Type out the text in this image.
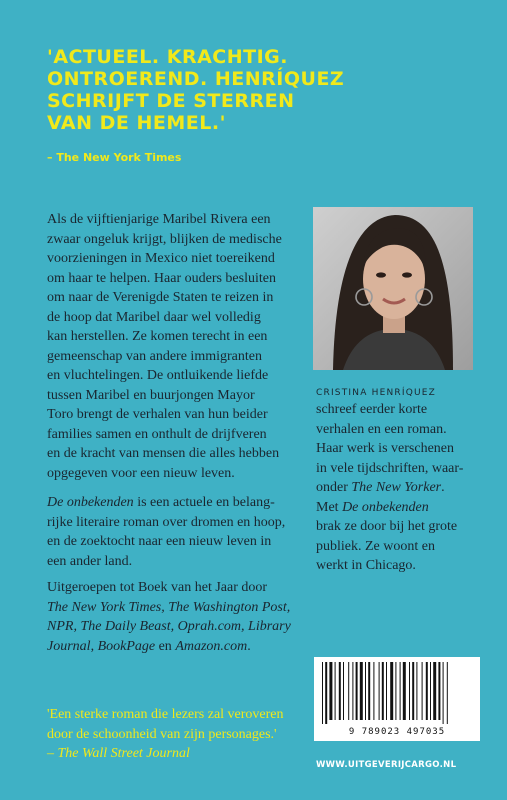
'ACTUEEL. KRACHTIG.
ONTROEREND. HENRÍQUEZ
SCHRIJFT DE STERREN
VAN DE HEMEL.'
– The New York Times
Als de vijftienjarige Maribel Rivera een
zwaar ongeluk krijgt, blijken de medische
voorzieningen in Mexico niet toereikend
om haar te helpen. Haar ouders besluiten
om naar de Verenigde Staten te reizen in
de hoop dat Maribel daar wel volledig
kan herstellen. Ze komen terecht in een
gemeenschap van andere immigranten
en vluchtelingen. De ontluikende liefde
tussen Maribel en buurjongen Mayor
Toro brengt de verhalen van hun beider
families samen en onthult de drijfveren
en de kracht van mensen die alles hebben
opgegeven voor een nieuw leven.
De onbekenden is een actuele en belang-
rijke literaire roman over dromen en hoop,
en de zoektocht naar een nieuw leven in
een ander land.
Uitgeroepen tot Boek van het Jaar door
The New York Times, The Washington Post,
NPR, The Daily Beast, Oprah.com, Library
Journal, BookPage en Amazon.com.
'Een sterke roman die lezers zal veroveren
door de schoonheid van zijn personages.'
– The Wall Street Journal
CRISTINA HENRÍQUEZ
schreef eerder korte
verhalen en een roman.
Haar werk is verschenen
in vele tijdschriften, waar-
onder The New Yorker.
Met De onbekenden
brak ze door bij het grote
publiek. Ze woont en
werkt in Chicago.
9 789023 497035
WWW.UITGEVERIJCARGO.NL
